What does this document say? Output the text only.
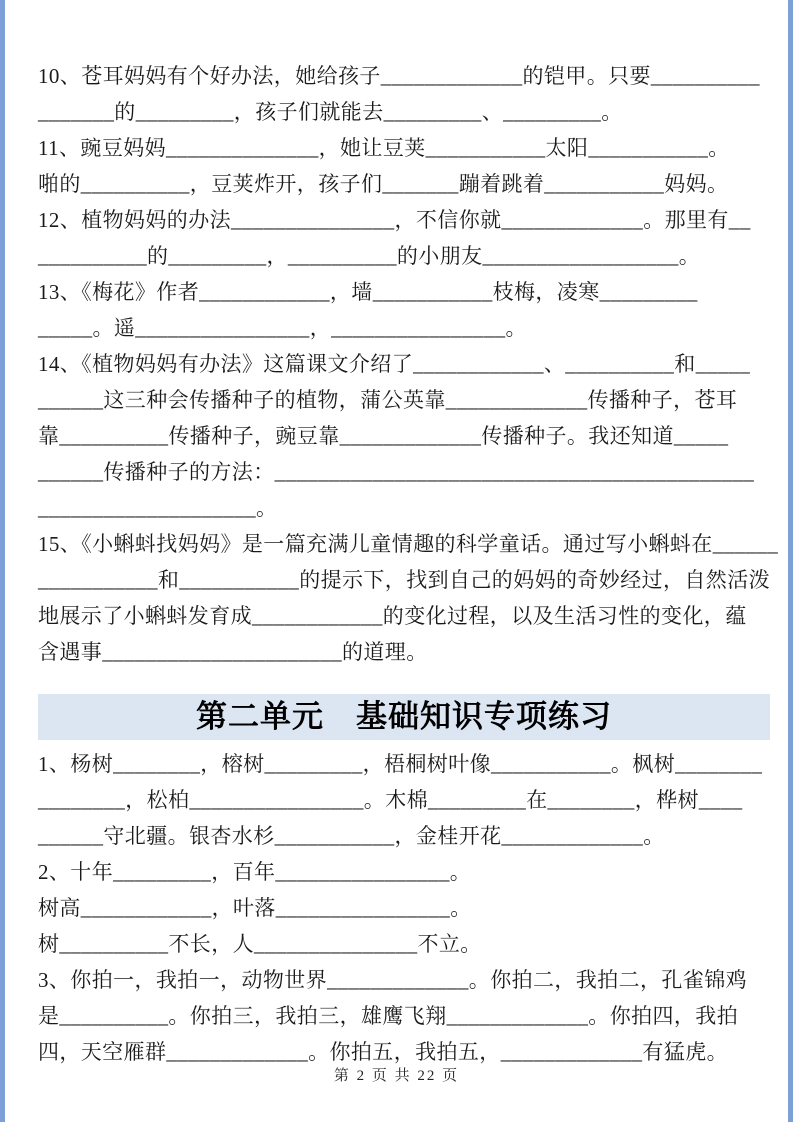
10、苍耳妈妈有个好办法，她给孩子_____________的铠甲。只要__________
_______的_________，孩子们就能去_________、_________。
11、豌豆妈妈______________，她让豆荚___________太阳___________。
啪的__________，豆荚炸开，孩子们_______蹦着跳着___________妈妈。
12、植物妈妈的办法_______________，不信你就_____________。那里有__
__________的_________，__________的小朋友__________________。
13、《梅花》作者____________，墙___________枝梅，凌寒_________
_____。遥________________，________________。
14、《植物妈妈有办法》这篇课文介绍了____________、__________和_____
______这三种会传播种子的植物，蒲公英靠_____________传播种子，苍耳
靠__________传播种子，豌豆靠_____________传播种子。我还知道_____
______传播种子的方法：____________________________________________
____________________。
15、《小蝌蚪找妈妈》是一篇充满儿童情趣的科学童话。通过写小蝌蚪在______
___________和___________的提示下，找到自己的妈妈的奇妙经过，自然活泼
地展示了小蝌蚪发育成____________的变化过程，以及生活习性的变化，蕴
含遇事______________________的道理。
第二单元　基础知识专项练习
1、杨树________，榕树_________，梧桐树叶像___________。枫树________
________，松柏________________。木棉_________在________，桦树____
______守北疆。银杏水杉___________，金桂开花_____________。
2、十年_________，百年________________。
树高____________，叶落________________。
树__________不长，人_______________不立。
3、你拍一，我拍一，动物世界_____________。你拍二，我拍二，孔雀锦鸡
是__________。你拍三，我拍三，雄鹰飞翔_____________。你拍四，我拍
四，天空雁群_____________。你拍五，我拍五，_____________有猛虎。
第 2 页 共 22 页
